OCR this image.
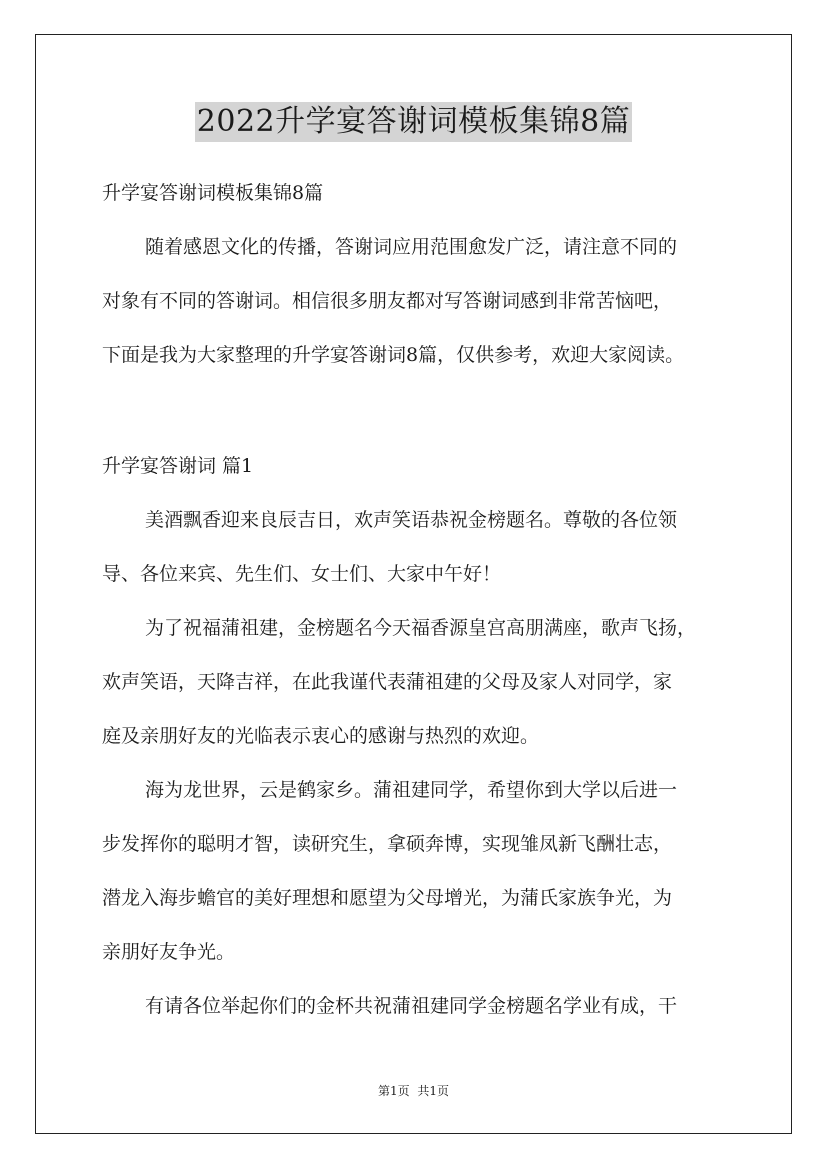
2022升学宴答谢词模板集锦8篇
升学宴答谢词模板集锦8篇
随着感恩文化的传播，答谢词应用范围愈发广泛，请注意不同的
对象有不同的答谢词。相信很多朋友都对写答谢词感到非常苦恼吧，
下面是我为大家整理的升学宴答谢词8篇，仅供参考，欢迎大家阅读。
升学宴答谢词 篇1
美酒飘香迎来良辰吉日，欢声笑语恭祝金榜题名。尊敬的各位领
导、各位来宾、先生们、女士们、大家中午好！
为了祝福蒲祖建，金榜题名今天福香源皇宫高朋满座，歌声飞扬，
欢声笑语，天降吉祥，在此我谨代表蒲祖建的父母及家人对同学，家
庭及亲朋好友的光临表示衷心的感谢与热烈的欢迎。
海为龙世界，云是鹤家乡。蒲祖建同学，希望你到大学以后进一
步发挥你的聪明才智，读研究生，拿硕奔博，实现雏凤新飞酬壮志，
潜龙入海步蟾官的美好理想和愿望为父母增光，为蒲氏家族争光，为
亲朋好友争光。
有请各位举起你们的金杯共祝蒲祖建同学金榜题名学业有成，干
第1页 共1页
